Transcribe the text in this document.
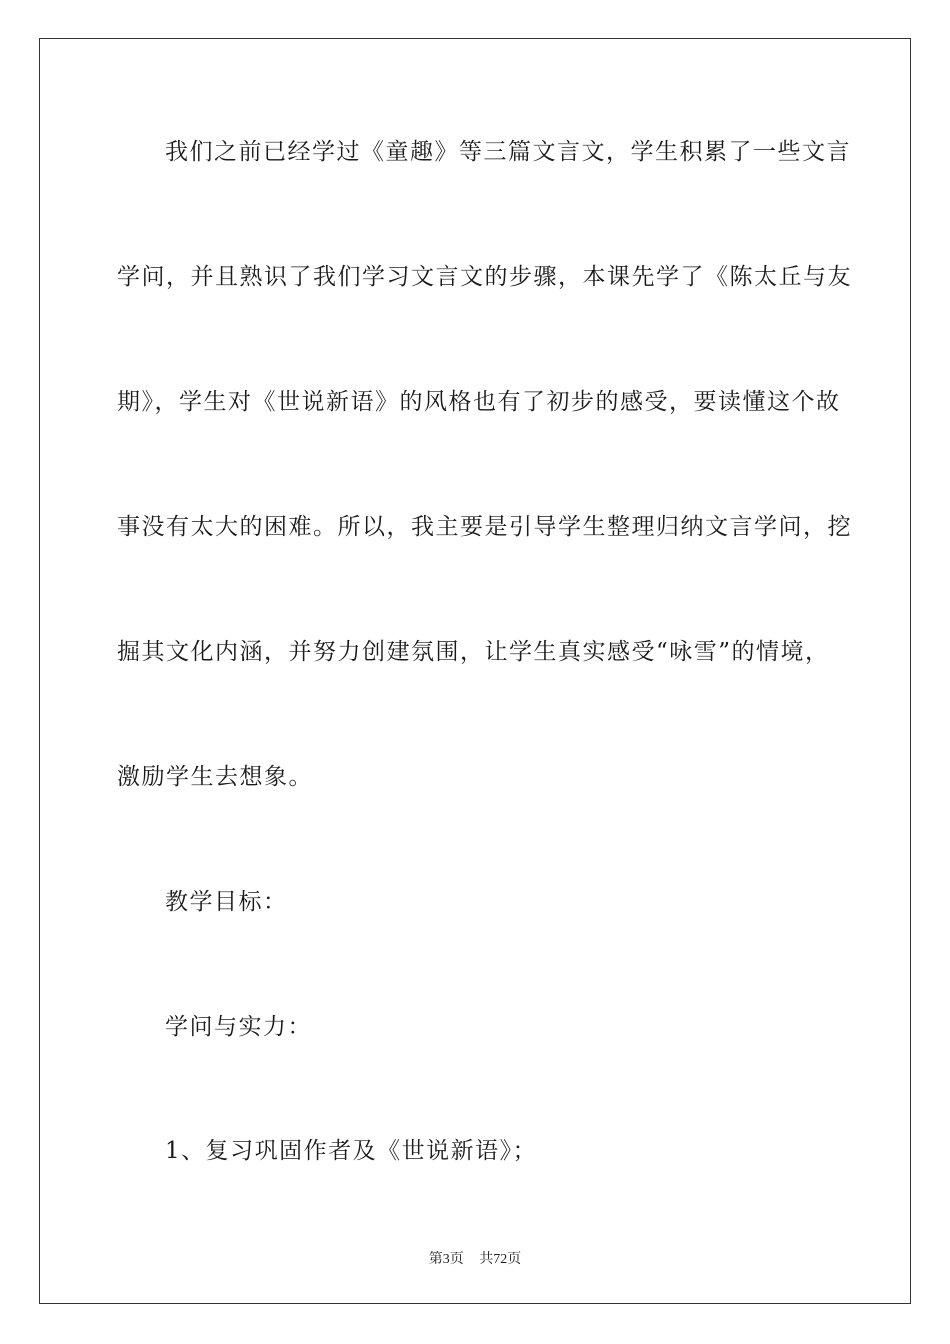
我们之前已经学过《童趣》等三篇文言文，学生积累了一些文言

学问，并且熟识了我们学习文言文的步骤，本课先学了《陈太丘与友

期》，学生对《世说新语》的风格也有了初步的感受，要读懂这个故

事没有太大的困难。所以，我主要是引导学生整理归纳文言学问，挖

掘其文化内涵，并努力创建氛围，让学生真实感受“咏雪”的情境，

激励学生去想象。

教学目标：

学问与实力：

1、复习巩固作者及《世说新语》；

第3页 共72页
